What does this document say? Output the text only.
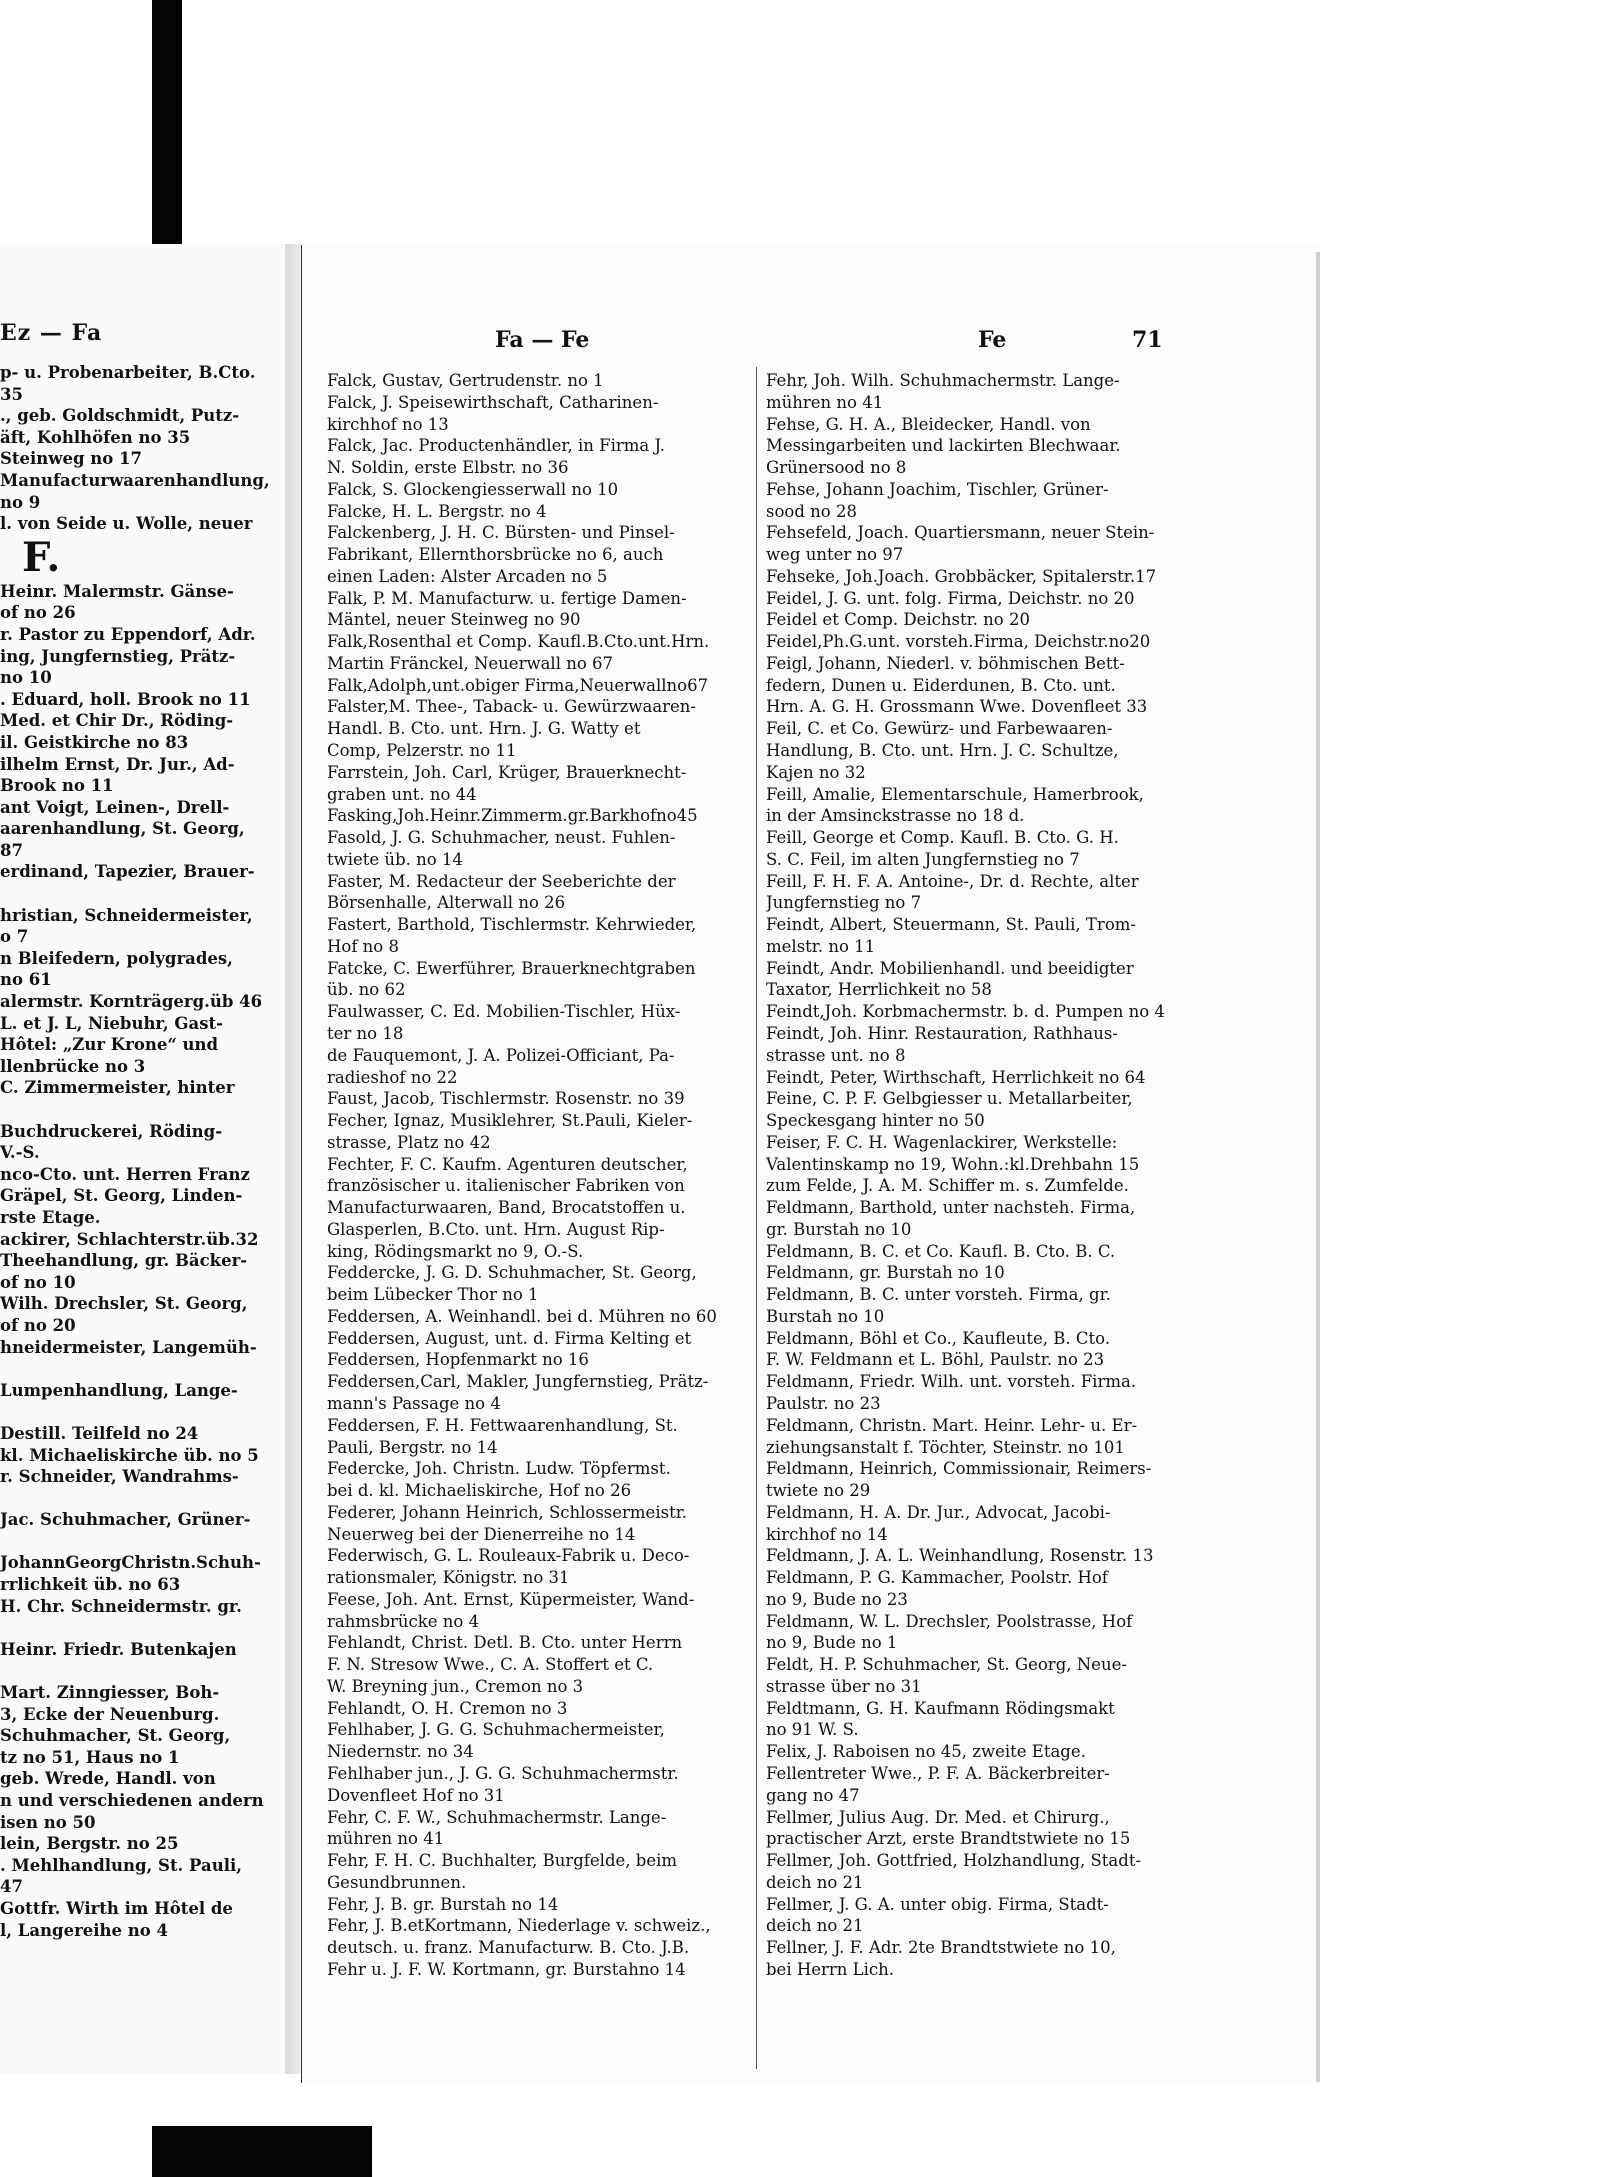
Ez — Fa
p- u. Probenarbeiter, B.Cto.
35
., geb. Goldschmidt, Putz-
äft, Kohlhöfen no 35
Steinweg no 17
Manufacturwaarenhandlung,
no 9
l. von Seide u. Wolle, neuer
F.
Heinr. Malermstr. Gänse-
of no 26
r. Pastor zu Eppendorf, Adr.
ing, Jungfernstieg, Prätz-
no 10
. Eduard, holl. Brook no 11
Med. et Chir Dr., Röding-
il. Geistkirche no 83
ilhelm Ernst, Dr. Jur., Ad-
Brook no 11
ant Voigt, Leinen-, Drell-
aarenhandlung, St. Georg,
87
erdinand, Tapezier, Brauer-
hristian, Schneidermeister,
o 7
n Bleifedern, polygrades,
no 61
alermstr. Kornträgerg.üb 46
L. et J. L, Niebuhr, Gast-
Hôtel: „Zur Krone“ und
llenbrücke no 3
C. Zimmermeister, hinter
Buchdruckerei, Röding-
V.-S.
nco-Cto. unt. Herren Franz
Gräpel, St. Georg, Linden-
rste Etage.
ackirer, Schlachterstr.üb.32
Theehandlung, gr. Bäcker-
of no 10
Wilh. Drechsler, St. Georg,
of no 20
hneidermeister, Langemüh-
Lumpenhandlung, Lange-
Destill. Teilfeld no 24
kl. Michaeliskirche üb. no 5
r. Schneider, Wandrahms-
Jac. Schuhmacher, Grüner-
JohannGeorgChristn.Schuh-
rrlichkeit üb. no 63
H. Chr. Schneidermstr. gr.
Heinr. Friedr. Butenkajen
Mart. Zinngiesser, Boh-
3, Ecke der Neuenburg.
Schuhmacher, St. Georg,
tz no 51, Haus no 1
geb. Wrede, Handl. von
n und verschiedenen andern
isen no 50
lein, Bergstr. no 25
. Mehlhandlung, St. Pauli,
47
Gottfr. Wirth im Hôtel de
l, Langereihe no 4
Fa — Fe	Fe	71
Falck, Gustav, Gertrudenstr. no 1
Falck, J. Speisewirthschaft, Catharinen-
kirchhof no 13
Falck, Jac. Productenhändler, in Firma J.
N. Soldin, erste Elbstr. no 36
Falck, S. Glockengiesserwall no 10
Falcke, H. L. Bergstr. no 4
Falckenberg, J. H. C. Bürsten- und Pinsel-
Fabrikant, Ellernthorsbrücke no 6, auch
einen Laden: Alster Arcaden no 5
Falk, P. M. Manufacturw. u. fertige Damen-
Mäntel, neuer Steinweg no 90
Falk,Rosenthal et Comp. Kaufl.B.Cto.unt.Hrn.
Martin Fränckel, Neuerwall no 67
Falk,Adolph,unt.obiger Firma,Neuerwallno67
Falster,M. Thee-, Taback- u. Gewürzwaaren-
Handl. B. Cto. unt. Hrn. J. G. Watty et
Comp, Pelzerstr. no 11
Farrstein, Joh. Carl, Krüger, Brauerknecht-
graben unt. no 44
Fasking,Joh.Heinr.Zimmerm.gr.Barkhofno45
Fasold, J. G. Schuhmacher, neust. Fuhlen-
twiete üb. no 14
Faster, M. Redacteur der Seeberichte der
Börsenhalle, Alterwall no 26
Fastert, Barthold, Tischlermstr. Kehrwieder,
Hof no 8
Fatcke, C. Ewerführer, Brauerknechtgraben
üb. no 62
Faulwasser, C. Ed. Mobilien-Tischler, Hüx-
ter no 18
de Fauquemont, J. A. Polizei-Officiant, Pa-
radieshof no 22
Faust, Jacob, Tischlermstr. Rosenstr. no 39
Fecher, Ignaz, Musiklehrer, St.Pauli, Kieler-
strasse, Platz no 42
Fechter, F. C. Kaufm. Agenturen deutscher,
französischer u. italienischer Fabriken von
Manufacturwaaren, Band, Brocatstoffen u.
Glasperlen, B.Cto. unt. Hrn. August Rip-
king, Rödingsmarkt no 9, O.-S.
Feddercke, J. G. D. Schuhmacher, St. Georg,
beim Lübecker Thor no 1
Feddersen, A. Weinhandl. bei d. Mühren no 60
Feddersen, August, unt. d. Firma Kelting et
Feddersen, Hopfenmarkt no 16
Feddersen,Carl, Makler, Jungfernstieg, Prätz-
mann's Passage no 4
Feddersen, F. H. Fettwaarenhandlung, St.
Pauli, Bergstr. no 14
Federcke, Joh. Christn. Ludw. Töpfermst.
bei d. kl. Michaeliskirche, Hof no 26
Federer, Johann Heinrich, Schlossermeistr.
Neuerweg bei der Dienerreihe no 14
Federwisch, G. L. Rouleaux-Fabrik u. Deco-
rationsmaler, Königstr. no 31
Feese, Joh. Ant. Ernst, Küpermeister, Wand-
rahmsbrücke no 4
Fehlandt, Christ. Detl. B. Cto. unter Herrn
F. N. Stresow Wwe., C. A. Stoffert et C.
W. Breyning jun., Cremon no 3
Fehlandt, O. H. Cremon no 3
Fehlhaber, J. G. G. Schuhmachermeister,
Niedernstr. no 34
Fehlhaber jun., J. G. G. Schuhmachermstr.
Dovenfleet Hof no 31
Fehr, C. F. W., Schuhmachermstr. Lange-
mühren no 41
Fehr, F. H. C. Buchhalter, Burgfelde, beim
Gesundbrunnen.
Fehr, J. B. gr. Burstah no 14
Fehr, J. B.etKortmann, Niederlage v. schweiz.,
deutsch. u. franz. Manufacturw. B. Cto. J.B.
Fehr u. J. F. W. Kortmann, gr. Burstahno 14
Fehr, Joh. Wilh. Schuhmachermstr. Lange-
mühren no 41
Fehse, G. H. A., Bleidecker, Handl. von
Messingarbeiten und lackirten Blechwaar.
Grünersood no 8
Fehse, Johann Joachim, Tischler, Grüner-
sood no 28
Fehsefeld, Joach. Quartiersmann, neuer Stein-
weg unter no 97
Fehseke, Joh.Joach. Grobbäcker, Spitalerstr.17
Feidel, J. G. unt. folg. Firma, Deichstr. no 20
Feidel et Comp. Deichstr. no 20
Feidel,Ph.G.unt. vorsteh.Firma, Deichstr.no20
Feigl, Johann, Niederl. v. böhmischen Bett-
federn, Dunen u. Eiderdunen, B. Cto. unt.
Hrn. A. G. H. Grossmann Wwe. Dovenfleet 33
Feil, C. et Co. Gewürz- und Farbewaaren-
Handlung, B. Cto. unt. Hrn. J. C. Schultze,
Kajen no 32
Feill, Amalie, Elementarschule, Hamerbrook,
in der Amsinckstrasse no 18 d.
Feill, George et Comp. Kaufl. B. Cto. G. H.
S. C. Feil, im alten Jungfernstieg no 7
Feill, F. H. F. A. Antoine-, Dr. d. Rechte, alter
Jungfernstieg no 7
Feindt, Albert, Steuermann, St. Pauli, Trom-
melstr. no 11
Feindt, Andr. Mobilienhandl. und beeidigter
Taxator, Herrlichkeit no 58
Feindt,Joh. Korbmachermstr. b. d. Pumpen no 4
Feindt, Joh. Hinr. Restauration, Rathhaus-
strasse unt. no 8
Feindt, Peter, Wirthschaft, Herrlichkeit no 64
Feine, C. P. F. Gelbgiesser u. Metallarbeiter,
Speckesgang hinter no 50
Feiser, F. C. H. Wagenlackirer, Werkstelle:
Valentinskamp no 19, Wohn.:kl.Drehbahn 15
zum Felde, J. A. M. Schiffer m. s. Zumfelde.
Feldmann, Barthold, unter nachsteh. Firma,
gr. Burstah no 10
Feldmann, B. C. et Co. Kaufl. B. Cto. B. C.
Feldmann, gr. Burstah no 10
Feldmann, B. C. unter vorsteh. Firma, gr.
Burstah no 10
Feldmann, Böhl et Co., Kaufleute, B. Cto.
F. W. Feldmann et L. Böhl, Paulstr. no 23
Feldmann, Friedr. Wilh. unt. vorsteh. Firma.
Paulstr. no 23
Feldmann, Christn. Mart. Heinr. Lehr- u. Er-
ziehungsanstalt f. Töchter, Steinstr. no 101
Feldmann, Heinrich, Commissionair, Reimers-
twiete no 29
Feldmann, H. A. Dr. Jur., Advocat, Jacobi-
kirchhof no 14
Feldmann, J. A. L. Weinhandlung, Rosenstr. 13
Feldmann, P. G. Kammacher, Poolstr. Hof
no 9, Bude no 23
Feldmann, W. L. Drechsler, Poolstrasse, Hof
no 9, Bude no 1
Feldt, H. P. Schuhmacher, St. Georg, Neue-
strasse über no 31
Feldtmann, G. H. Kaufmann Rödingsmakt
no 91 W. S.
Felix, J. Raboisen no 45, zweite Etage.
Fellentreter Wwe., P. F. A. Bäckerbreiter-
gang no 47
Fellmer, Julius Aug. Dr. Med. et Chirurg.,
practischer Arzt, erste Brandtstwiete no 15
Fellmer, Joh. Gottfried, Holzhandlung, Stadt-
deich no 21
Fellmer, J. G. A. unter obig. Firma, Stadt-
deich no 21
Fellner, J. F. Adr. 2te Brandtstwiete no 10,
bei Herrn Lich.
